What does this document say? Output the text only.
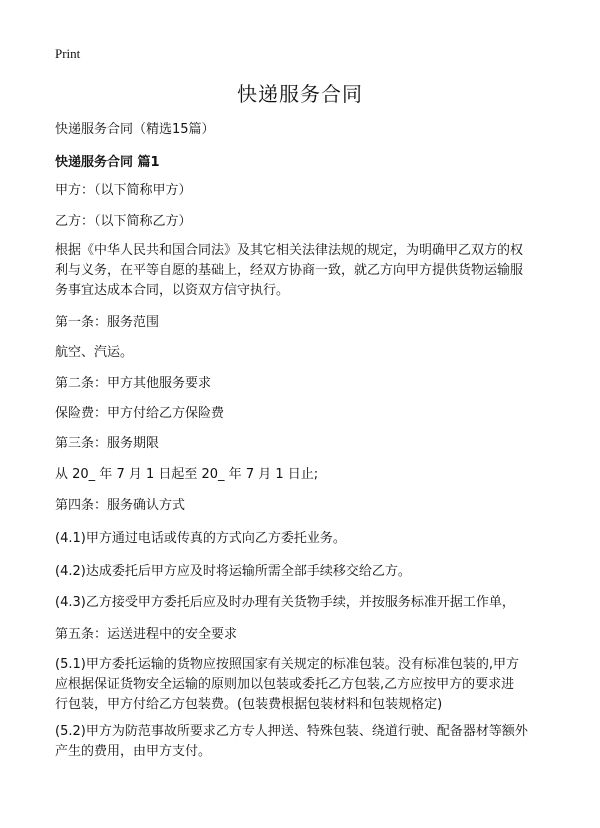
Print
快递服务合同

快递服务合同（精选15篇）

快递服务合同 篇1

甲方：（以下简称甲方）

乙方：（以下简称乙方）

根据《中华人民共和国合同法》及其它相关法律法规的规定，为明确甲乙双方的权
利与义务，在平等自愿的基础上，经双方协商一致，就乙方向甲方提供货物运输服
务事宜达成本合同，以资双方信守执行。

第一条：服务范围

航空、汽运。

第二条：甲方其他服务要求

保险费：甲方付给乙方保险费

第三条：服务期限

从 20_ 年 7 月 1 日起至 20_ 年 7 月 1 日止;

第四条：服务确认方式

(4.1)甲方通过电话或传真的方式向乙方委托业务。

(4.2)达成委托后甲方应及时将运输所需全部手续移交给乙方。

(4.3)乙方接受甲方委托后应及时办理有关货物手续，并按服务标准开据工作单，

第五条：运送进程中的安全要求

(5.1)甲方委托运输的货物应按照国家有关规定的标准包装。没有标准包装的,甲方
应根据保证货物安全运输的原则加以包装或委托乙方包装,乙方应按甲方的要求进
行包装，甲方付给乙方包装费。(包装费根据包装材料和包装规格定)
(5.2)甲方为防范事故所要求乙方专人押送、特殊包装、绕道行驶、配备器材等额外
产生的费用，由甲方支付。
